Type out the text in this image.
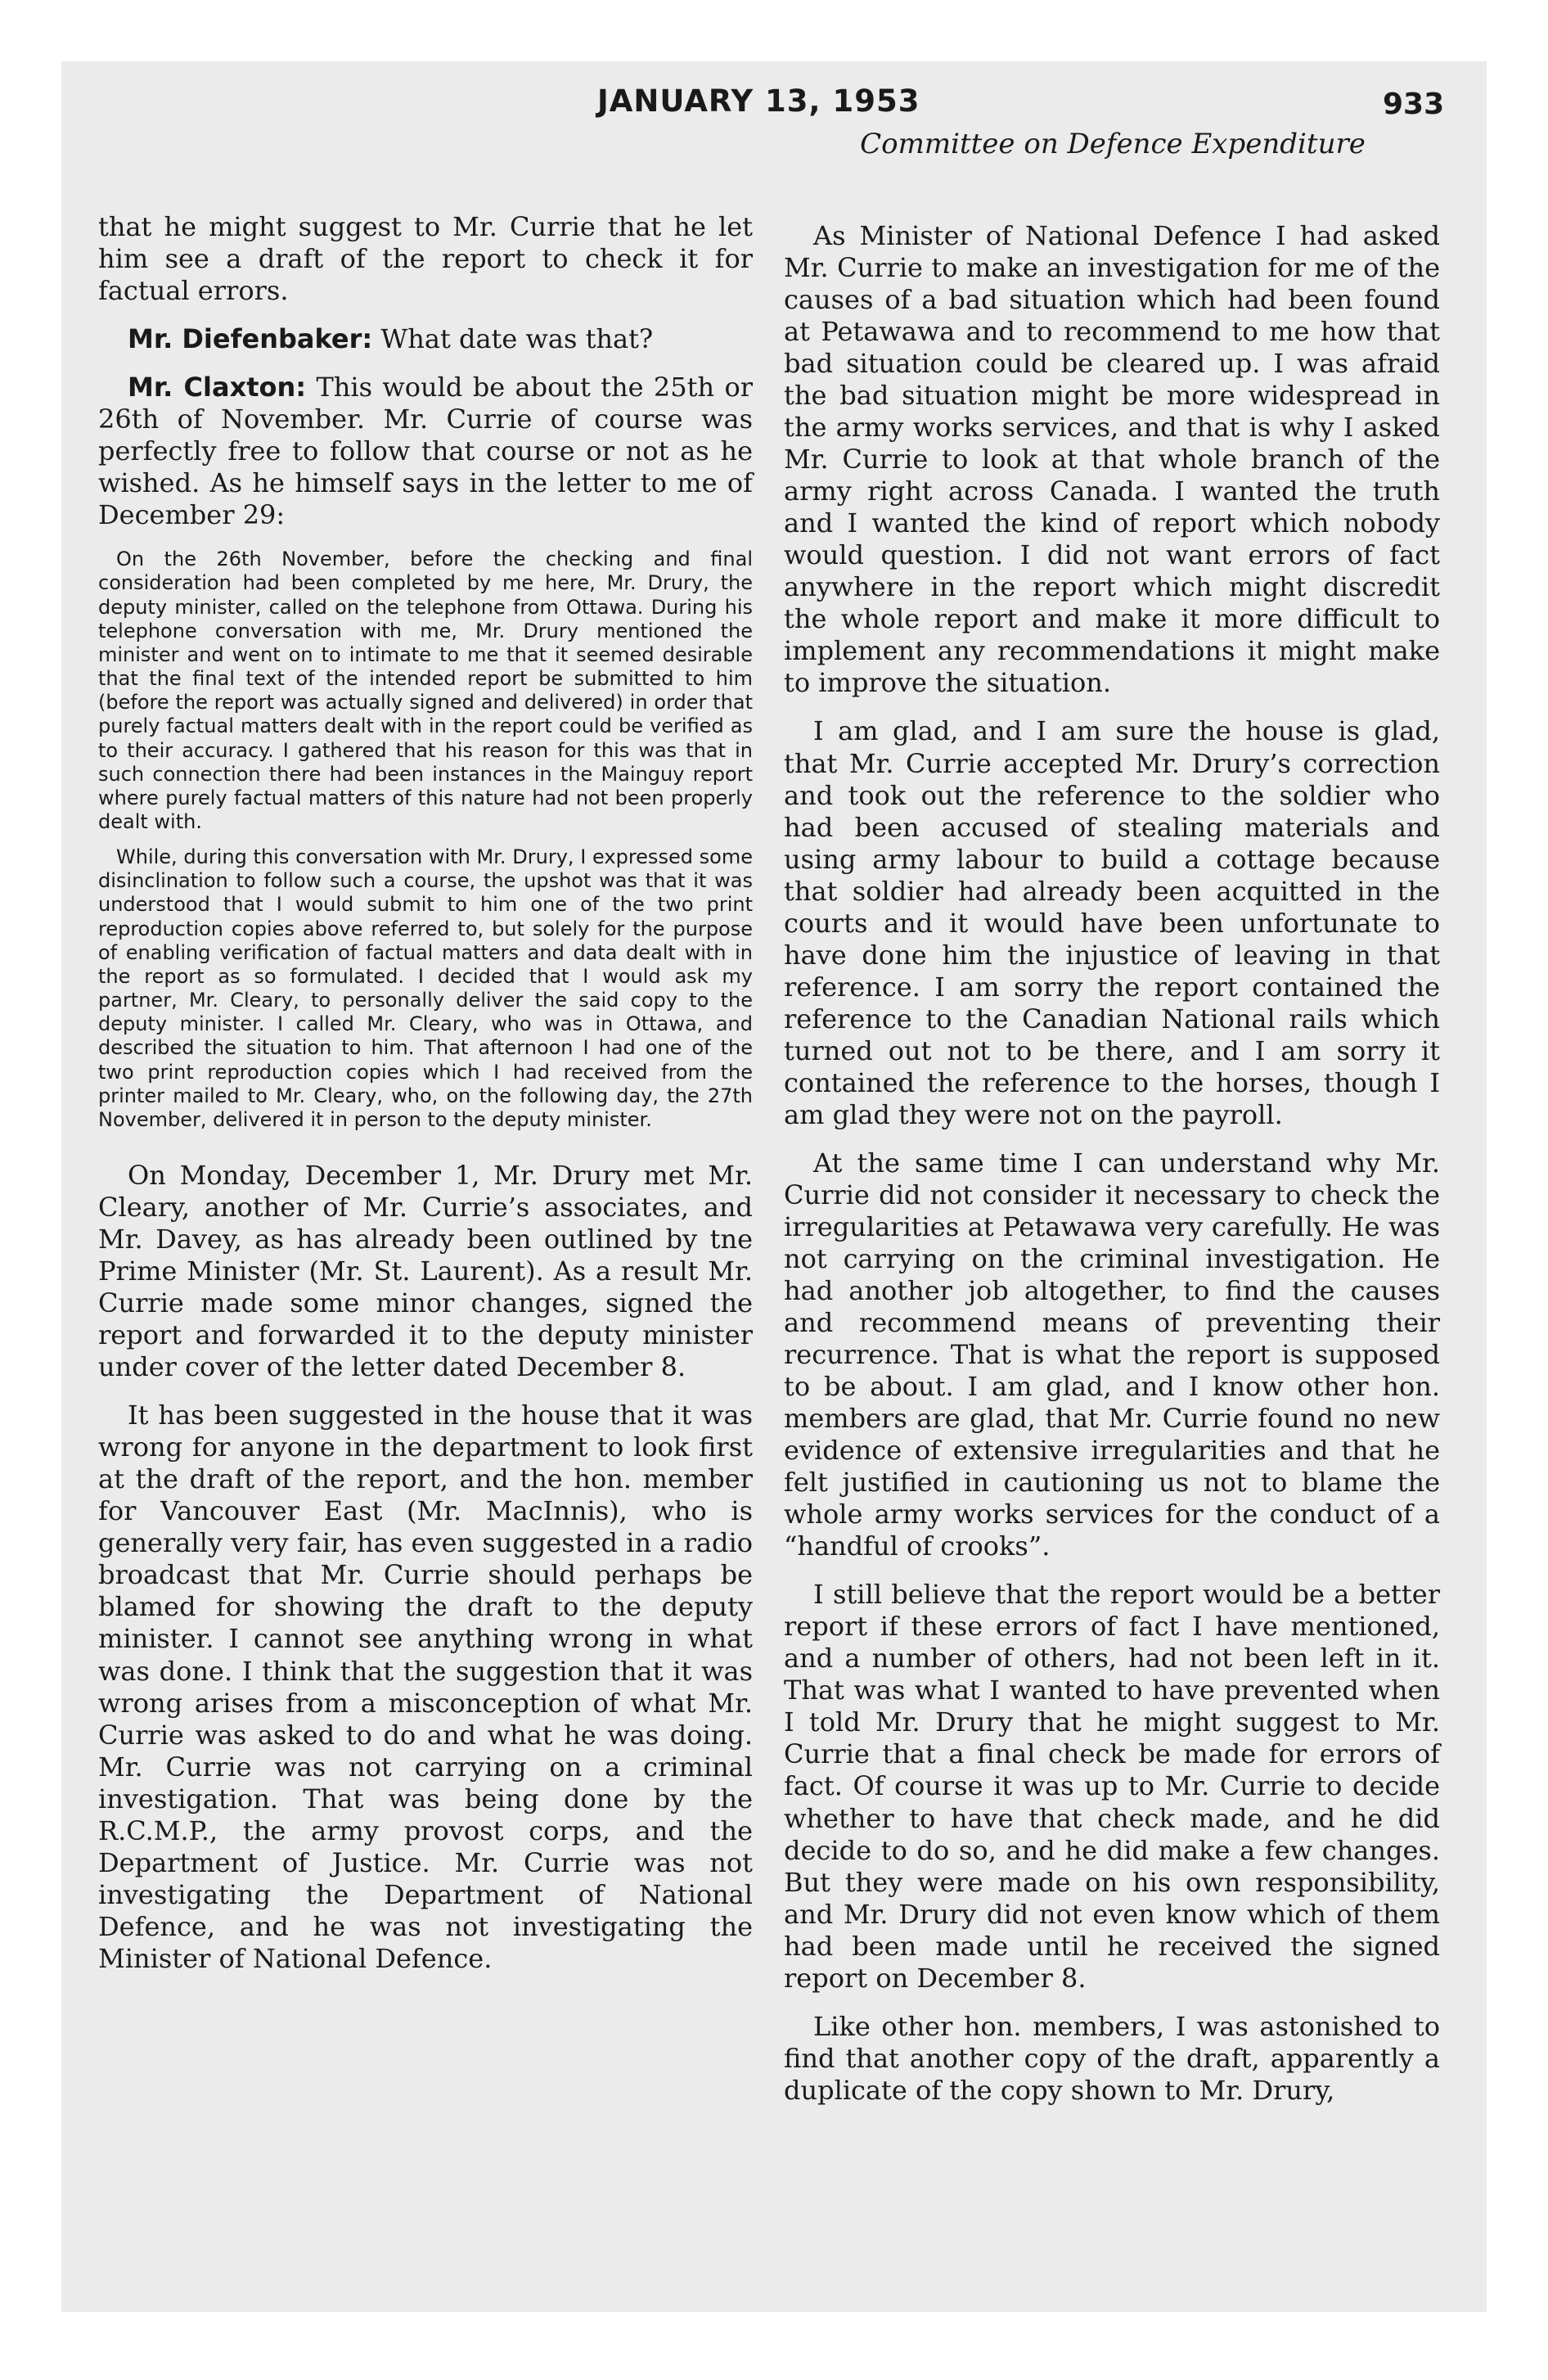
JANUARY 13, 1953	933
Committee on Defence Expenditure

that he might suggest to Mr. Currie that he let him see a draft of the report to check it for factual errors.

Mr. Diefenbaker: What date was that?

Mr. Claxton: This would be about the 25th or 26th of November. Mr. Currie of course was perfectly free to follow that course or not as he wished. As he himself says in the letter to me of December 29:

On the 26th November, before the checking and final consideration had been completed by me here, Mr. Drury, the deputy minister, called on the telephone from Ottawa. During his telephone conversation with me, Mr. Drury mentioned the minister and went on to intimate to me that it seemed desirable that the final text of the intended report be submitted to him (before the report was actually signed and delivered) in order that purely factual matters dealt with in the report could be verified as to their accuracy. I gathered that his reason for this was that in such connection there had been instances in the Mainguy report where purely factual matters of this nature had not been properly dealt with.

While, during this conversation with Mr. Drury, I expressed some disinclination to follow such a course, the upshot was that it was understood that I would submit to him one of the two print reproduction copies above referred to, but solely for the purpose of enabling verification of factual matters and data dealt with in the report as so formulated. I decided that I would ask my partner, Mr. Cleary, to personally deliver the said copy to the deputy minister. I called Mr. Cleary, who was in Ottawa, and described the situation to him. That afternoon I had one of the two print reproduction copies which I had received from the printer mailed to Mr. Cleary, who, on the following day, the 27th November, delivered it in person to the deputy minister.

On Monday, December 1, Mr. Drury met Mr. Cleary, another of Mr. Currie’s associates, and Mr. Davey, as has already been outlined by tne Prime Minister (Mr. St. Laurent). As a result Mr. Currie made some minor changes, signed the report and forwarded it to the deputy minister under cover of the letter dated December 8.

It has been suggested in the house that it was wrong for anyone in the department to look first at the draft of the report, and the hon. member for Vancouver East (Mr. MacInnis), who is generally very fair, has even suggested in a radio broadcast that Mr. Currie should perhaps be blamed for showing the draft to the deputy minister. I cannot see anything wrong in what was done. I think that the suggestion that it was wrong arises from a misconception of what Mr. Currie was asked to do and what he was doing. Mr. Currie was not carrying on a criminal investigation. That was being done by the R.C.M.P., the army provost corps, and the Department of Justice. Mr. Currie was not investigating the Department of National Defence, and he was not investigating the Minister of National Defence.

As Minister of National Defence I had asked Mr. Currie to make an investigation for me of the causes of a bad situation which had been found at Petawawa and to recommend to me how that bad situation could be cleared up. I was afraid the bad situation might be more widespread in the army works services, and that is why I asked Mr. Currie to look at that whole branch of the army right across Canada. I wanted the truth and I wanted the kind of report which nobody would question. I did not want errors of fact anywhere in the report which might discredit the whole report and make it more difficult to implement any recommendations it might make to improve the situation.

I am glad, and I am sure the house is glad, that Mr. Currie accepted Mr. Drury’s correction and took out the reference to the soldier who had been accused of stealing materials and using army labour to build a cottage because that soldier had already been acquitted in the courts and it would have been unfortunate to have done him the injustice of leaving in that reference. I am sorry the report contained the reference to the Canadian National rails which turned out not to be there, and I am sorry it contained the reference to the horses, though I am glad they were not on the payroll.

At the same time I can understand why Mr. Currie did not consider it necessary to check the irregularities at Petawawa very carefully. He was not carrying on the criminal investigation. He had another job altogether, to find the causes and recommend means of preventing their recurrence. That is what the report is supposed to be about. I am glad, and I know other hon. members are glad, that Mr. Currie found no new evidence of extensive irregularities and that he felt justified in cautioning us not to blame the whole army works services for the conduct of a “handful of crooks”.

I still believe that the report would be a better report if these errors of fact I have mentioned, and a number of others, had not been left in it. That was what I wanted to have prevented when I told Mr. Drury that he might suggest to Mr. Currie that a final check be made for errors of fact. Of course it was up to Mr. Currie to decide whether to have that check made, and he did decide to do so, and he did make a few changes. But they were made on his own responsibility, and Mr. Drury did not even know which of them had been made until he received the signed report on December 8.

Like other hon. members, I was astonished to find that another copy of the draft, apparently a duplicate of the copy shown to Mr. Drury,
